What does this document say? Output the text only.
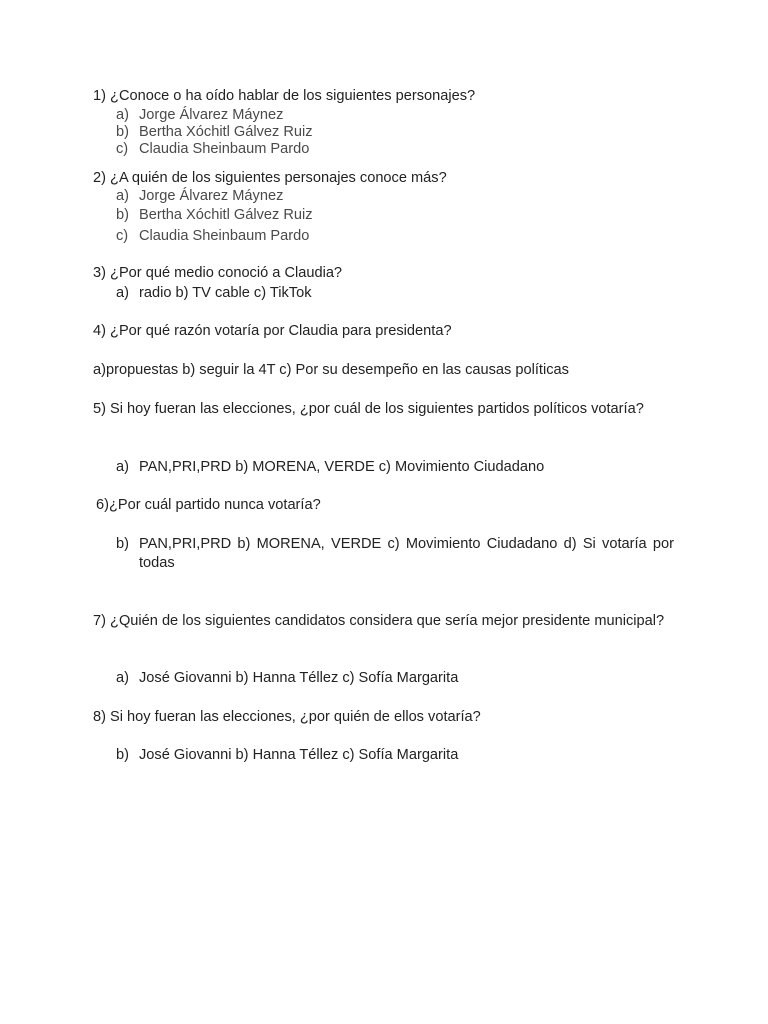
1) ¿Conoce o ha oído hablar de los siguientes personajes?

a) Jorge Álvarez Máynez
b) Bertha Xóchitl Gálvez Ruiz
c) Claudia Sheinbaum Pardo

2) ¿A quién de los siguientes personajes conoce más?

a) Jorge Álvarez Máynez
b) Bertha Xóchitl Gálvez Ruiz
c) Claudia Sheinbaum Pardo

3) ¿Por qué medio conoció a Claudia?

a) radio b) TV cable c) TikTok

4) ¿Por qué razón votaría por Claudia para presidenta?

a)propuestas b) seguir la 4T c) Por su desempeño en las causas políticas

5) Si hoy fueran las elecciones, ¿por cuál de los siguientes partidos políticos votaría?

a) PAN,PRI,PRD b) MORENA, VERDE c) Movimiento Ciudadano

6)¿Por cuál partido nunca votaría?

b) PAN,PRI,PRD b) MORENA, VERDE c) Movimiento Ciudadano d) Si votaría por todas

7) ¿Quién de los siguientes candidatos considera que sería mejor presidente municipal?

a) José Giovanni b) Hanna Téllez c) Sofía Margarita

8) Si hoy fueran las elecciones, ¿por quién de ellos votaría?

b) José Giovanni b) Hanna Téllez c) Sofía Margarita
